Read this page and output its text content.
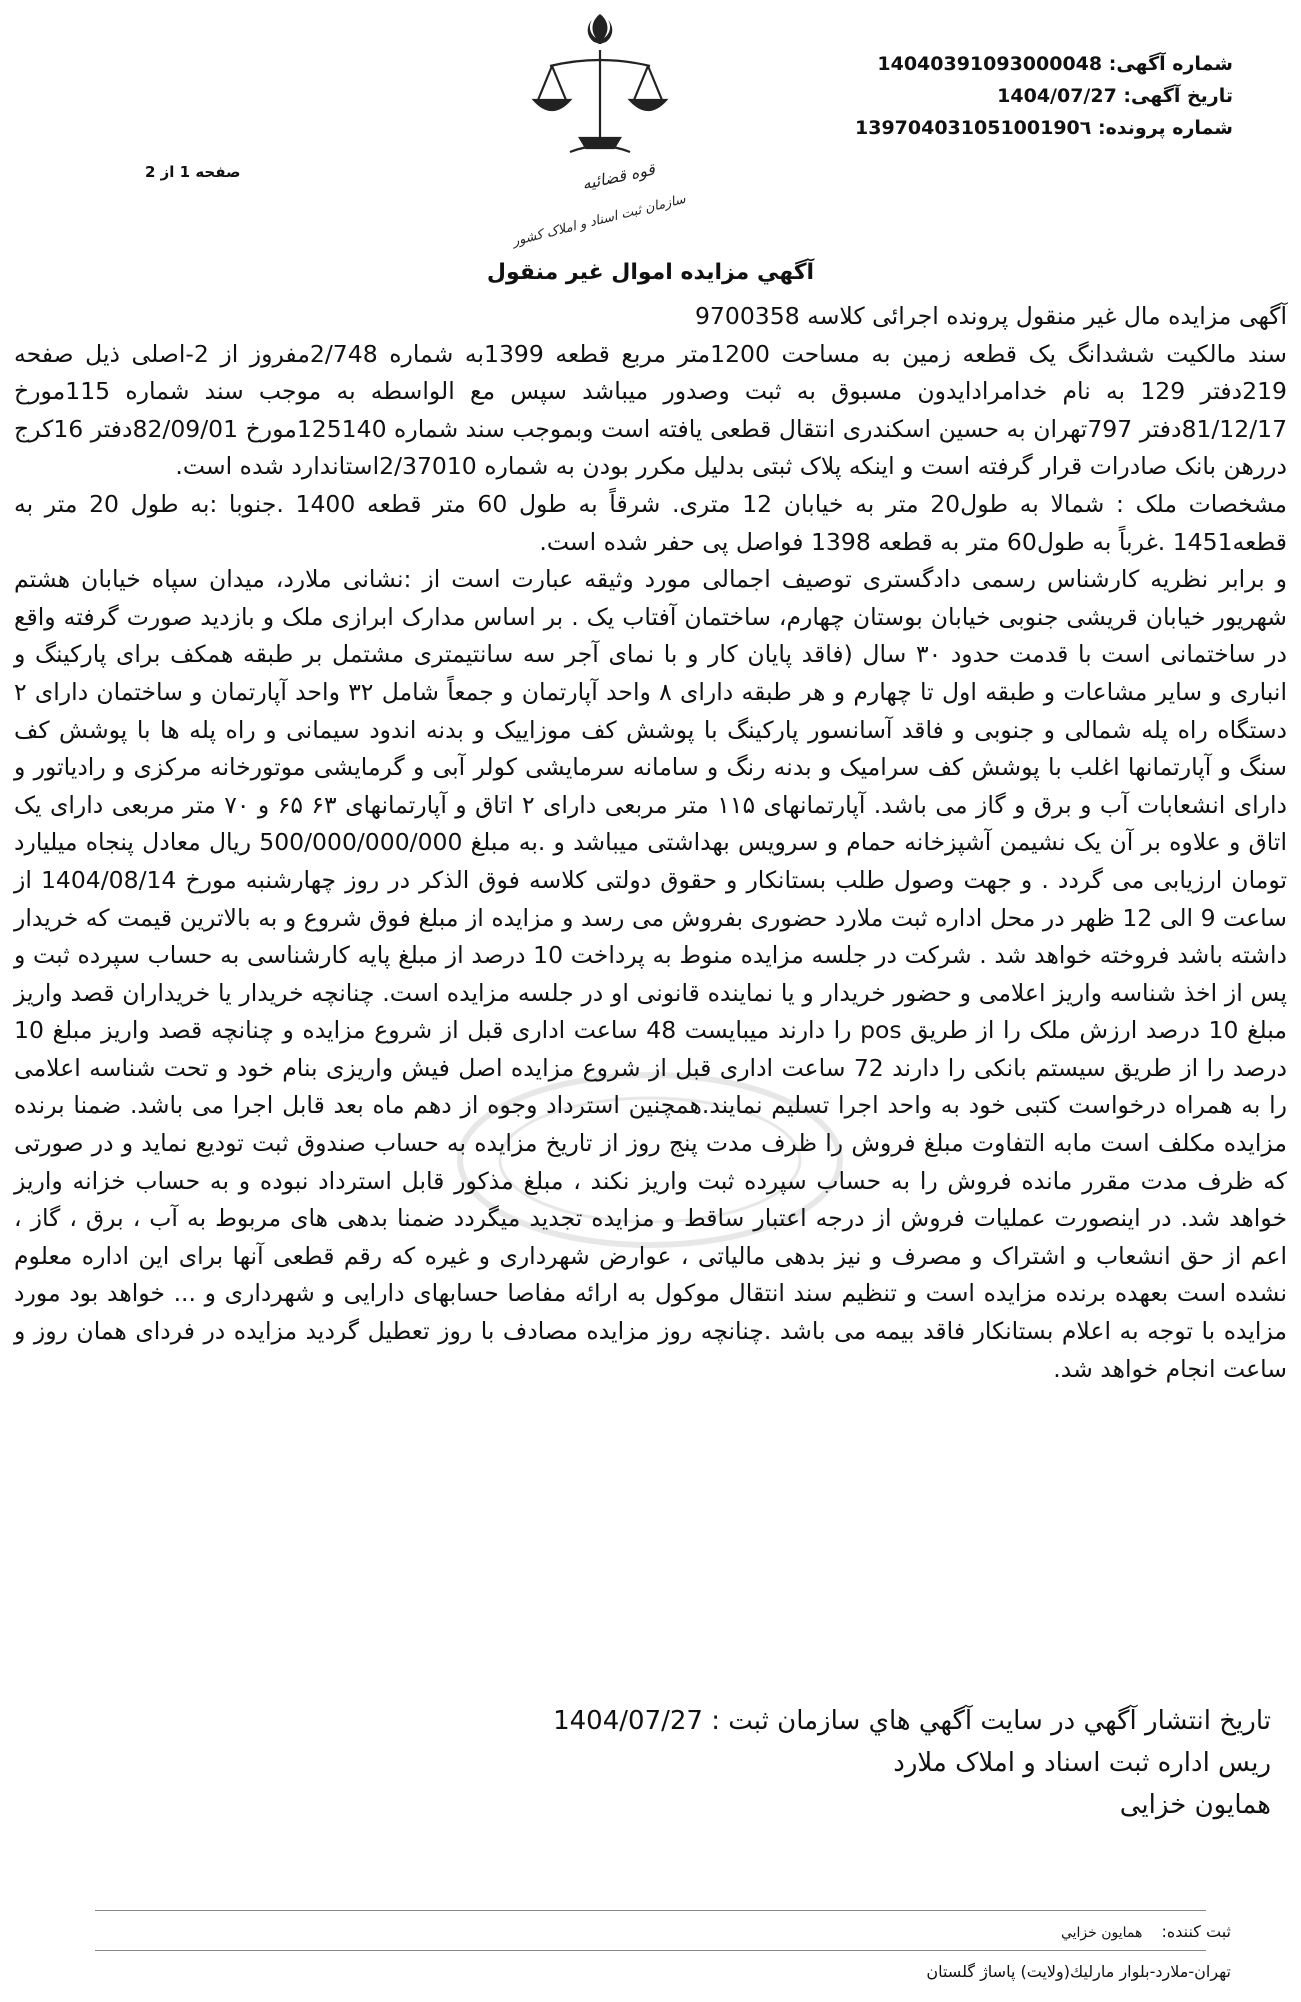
شماره آگهی: 14040391093000048
تاریخ آگهی: 1404/07/27
شماره پرونده: 13970403105100190٦
صفحه 1 از 2	قوه قضائیه
سازمان ثبت اسناد و املاک کشور
آگهي مزايده اموال غير منقول

آگهی مزایده مال غیر منقول پرونده اجرائی کلاسه 9700358

سند مالکیت ششدانگ یک قطعه زمین به مساحت 1200متر مربع قطعه 1399به شماره 2/748مفروز از 2-اصلی ذیل صفحه 219دفتر 129 به نام خدامرادایدون مسبوق به ثبت وصدور میباشد سپس مع الواسطه به موجب سند شماره 115مورخ 81/12/17دفتر 797تهران به حسین اسکندری انتقال قطعی یافته است وبموجب سند شماره 125140مورخ 82/09/01دفتر 16کرج دررهن بانک صادرات قرار گرفته است و اینکه پلاک ثبتی بدلیل مکرر بودن به شماره 2/37010استاندارد شده است.

مشخصات ملک : شمالا به طول20 متر به خیابان 12 متری. شرقاً به طول 60 متر قطعه 1400 .جنوبا :به طول 20 متر به قطعه1451 .غرباً به طول60 متر به قطعه 1398 فواصل پی حفر شده است.

و برابر نظریه کارشناس رسمی دادگستری توصیف اجمالی مورد وثیقه عبارت است از :نشانی ملارد، میدان سپاه خیابان هشتم شهریور خیابان قریشی جنوبی خیابان بوستان چهارم، ساختمان آفتاب یک . بر اساس مدارک ابرازی ملک و بازدید صورت گرفته واقع در ساختمانی است با قدمت حدود ۳۰ سال (فاقد پایان کار و با نمای آجر سه سانتیمتری مشتمل بر طبقه همکف برای پارکینگ و انباری و سایر مشاعات و طبقه اول تا چهارم و هر طبقه دارای ۸ واحد آپارتمان و جمعاً شامل ۳۲ واحد آپارتمان و ساختمان دارای ۲ دستگاه راه پله شمالی و جنوبی و فاقد آسانسور پارکینگ با پوشش کف موزاییک و بدنه اندود سیمانی و راه پله ها با پوشش کف سنگ و آپارتمانها اغلب با پوشش کف سرامیک و بدنه رنگ و سامانه سرمایشی کولر آبی و گرمایشی موتورخانه مرکزی و رادیاتور و دارای انشعابات آب و برق و گاز می باشد. آپارتمانهای ۱۱۵ متر مربعی دارای ۲ اتاق و آپارتمانهای ۶۳ ۶۵ و ۷۰ متر مربعی دارای یک اتاق و علاوه بر آن یک نشیمن آشپزخانه حمام و سرویس بهداشتی میباشد و .به مبلغ 500/000/000/000 ریال معادل پنجاه میلیارد تومان ارزیابی می گردد . و جهت وصول طلب بستانکار و حقوق دولتی کلاسه فوق الذکر در روز چهارشنبه مورخ 1404/08/14 از ساعت 9 الی 12 ظهر در محل اداره ثبت ملارد حضوری بفروش می رسد و مزایده از مبلغ فوق شروع و به بالاترین قیمت که خریدار داشته باشد فروخته خواهد شد . شرکت در جلسه مزایده منوط به پرداخت 10 درصد از مبلغ پایه کارشناسی به حساب سپرده ثبت و پس از اخذ شناسه واریز اعلامی و حضور خریدار و یا نماینده قانونی او در جلسه مزایده است. چنانچه خریدار یا خریداران قصد واریز مبلغ 10 درصد ارزش ملک را از طریق pos را دارند میبایست 48 ساعت اداری قبل از شروع مزایده و چنانچه قصد واریز مبلغ 10 درصد را از طریق سیستم بانکی را دارند 72 ساعت اداری قبل از شروع مزایده اصل فیش واریزی بنام خود و تحت شناسه اعلامی را به همراه درخواست کتبی خود به واحد اجرا تسلیم نمایند.همچنین استرداد وجوه از دهم ماه بعد قابل اجرا می باشد. ضمنا برنده مزایده مکلف است مابه التفاوت مبلغ فروش را ظرف مدت پنج روز از تاریخ مزایده به حساب صندوق ثبت تودیع نماید و در صورتی که ظرف مدت مقرر مانده فروش را به حساب سپرده ثبت واریز نکند ، مبلغ مذکور قابل استرداد نبوده و به حساب خزانه واریز خواهد شد. در اینصورت عملیات فروش از درجه اعتبار ساقط و مزایده تجدید میگردد ضمنا بدهی های مربوط به آب ، برق ، گاز ، اعم از حق انشعاب و اشتراک و مصرف و نیز بدهی مالیاتی ، عوارض شهرداری و غیره که رقم قطعی آنها برای این اداره معلوم نشده است بعهده برنده مزایده است و تنظیم سند انتقال موکول به ارائه مفاصا حسابهای دارایی و شهرداری و ... خواهد بود مورد مزایده با توجه به اعلام بستانکار فاقد بیمه می باشد .چنانچه روز مزایده مصادف با روز تعطیل گردید مزایده در فردای همان روز و ساعت انجام خواهد شد.

تاريخ انتشار آگهي در سايت آگهي هاي سازمان ثبت : 1404/07/27

ریس اداره ثبت اسناد و املاک ملارد

همایون خزایی

ثبت كننده: همايون خزايي
تهران-ملارد-بلوار مارليك(ولايت) پاساژ گلستان
